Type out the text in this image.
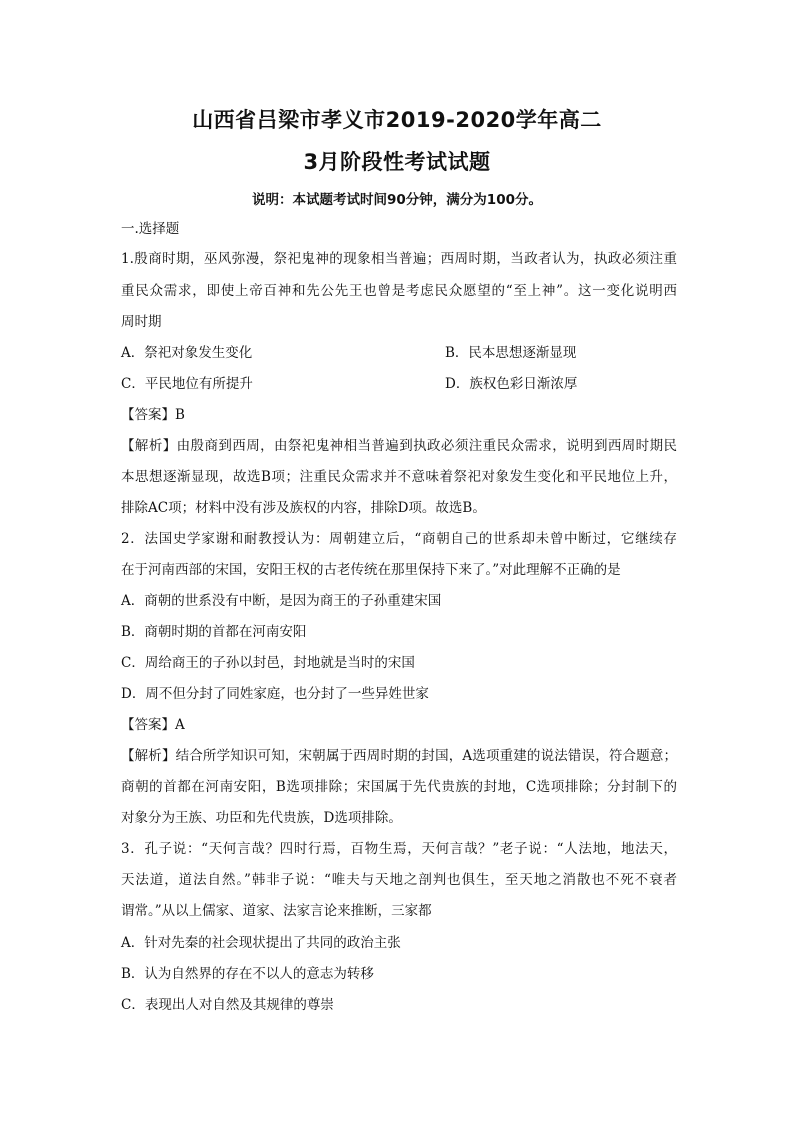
山西省吕梁市孝义市2019-2020学年高二
3月阶段性考试试题
说明：本试题考试时间90分钟，满分为100分。
一.选择题
1.殷商时期，巫风弥漫，祭祀鬼神的现象相当普遍；西周时期，当政者认为，执政必须注重
重民众需求，即使上帝百神和先公先王也曾是考虑民众愿望的“至上神”。这一变化说明西
周时期
A．祭祀对象发生变化	B．民本思想逐渐显现
C．平民地位有所提升	D．族权色彩日渐浓厚
【答案】B
【解析】由殷商到西周，由祭祀鬼神相当普遍到执政必须注重民众需求，说明到西周时期民
本思想逐渐显现，故选B项；注重民众需求并不意味着祭祀对象发生变化和平民地位上升，
排除AC项；材料中没有涉及族权的内容，排除D项。故选B。
2．法国史学家谢和耐教授认为：周朝建立后，“商朝自己的世系却未曾中断过，它继续存
在于河南西部的宋国，安阳王权的古老传统在那里保持下来了。”对此理解不正确的是
A．商朝的世系没有中断，是因为商王的子孙重建宋国
B．商朝时期的首都在河南安阳
C．周给商王的子孙以封邑，封地就是当时的宋国
D．周不但分封了同姓家庭，也分封了一些异姓世家
【答案】A
【解析】结合所学知识可知，宋朝属于西周时期的封国，A选项重建的说法错误，符合题意；
商朝的首都在河南安阳，B选项排除；宋国属于先代贵族的封地，C选项排除；分封制下的
对象分为王族、功臣和先代贵族，D选项排除。
3．孔子说：“天何言哉？四时行焉，百物生焉，天何言哉？”老子说：“人法地，地法天，
天法道，道法自然。”韩非子说：“唯夫与天地之剖判也俱生，至天地之消散也不死不衰者
谓常。”从以上儒家、道家、法家言论来推断，三家都
A．针对先秦的社会现状提出了共同的政治主张
B．认为自然界的存在不以人的意志为转移
C．表现出人对自然及其规律的尊崇
